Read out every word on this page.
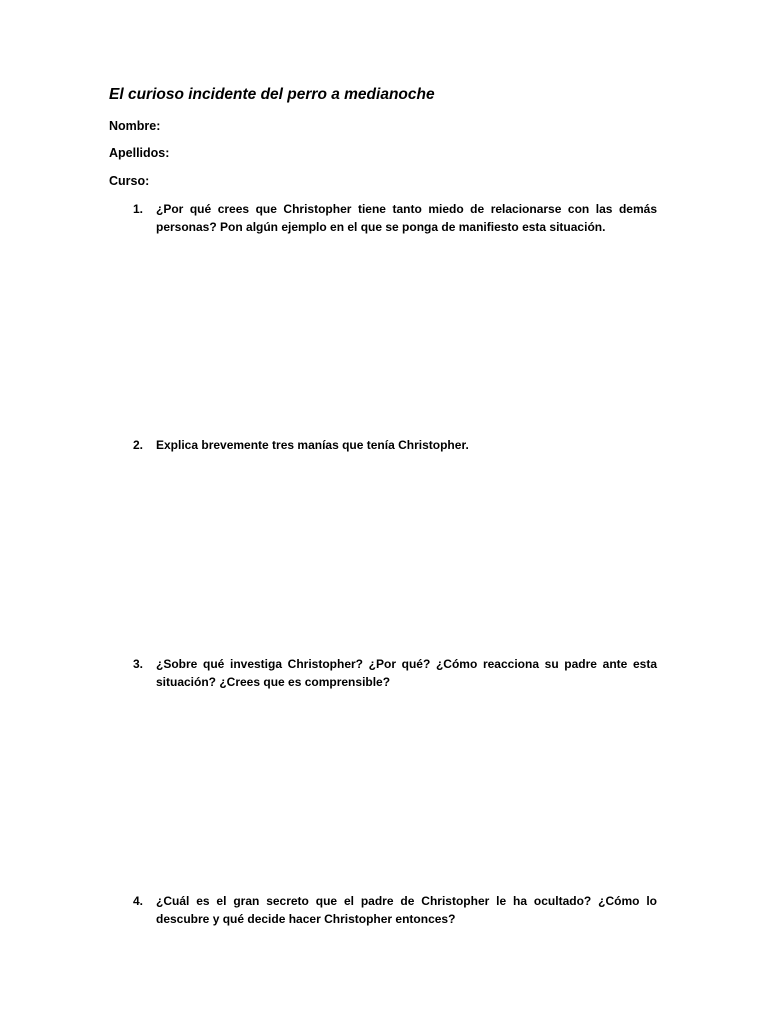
El curioso incidente del perro a medianoche
Nombre:
Apellidos:
Curso:
1.	¿Por qué crees que Christopher tiene tanto miedo de relacionarse con las demás personas? Pon algún ejemplo en el que se ponga de manifiesto esta situación.
2.	Explica brevemente tres manías que tenía Christopher.
3.	¿Sobre qué investiga Christopher? ¿Por qué? ¿Cómo reacciona su padre ante esta situación? ¿Crees que es comprensible?
4.	¿Cuál es el gran secreto que el padre de Christopher le ha ocultado? ¿Cómo lo descubre y qué decide hacer Christopher entonces?
